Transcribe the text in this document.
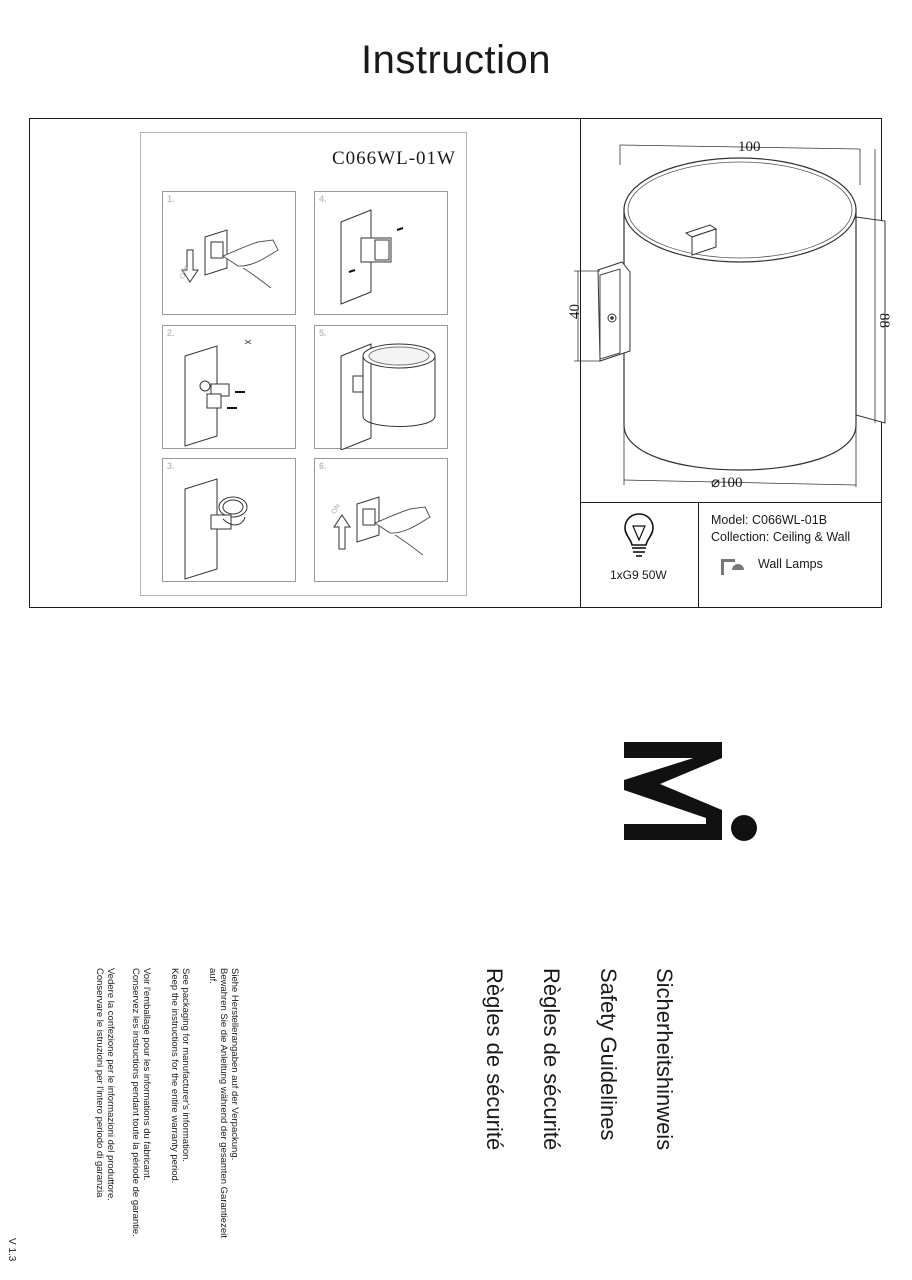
Instruction
C066WL-01W
1.
OFF
2.
3.
4.
5.
6.
ON
100
88
40
⌀100
1xG9 50W
Model: C066WL-01B
Collection: Ceiling & Wall
Wall Lamps
Sicherheitshinweis
Safety Guidelines
Règles de sécurité
Règles de sécurité
Siehe Herstellerangaben auf der Verpackung.
Bewahren Sie die Anleitung während der gesamten Garantiezeit
auf.
See packaging for manufacturer's information.
Keep the instructions for the entire warranty period.
Voir l'emballage pour les informations du fabricant.
Conservez les instructions pendant toute la période de garantie.
Vedere la confezione per le informazioni del produttore.
Conservare le istruzioni per l'intero periodo di garanzia
V 1.3
